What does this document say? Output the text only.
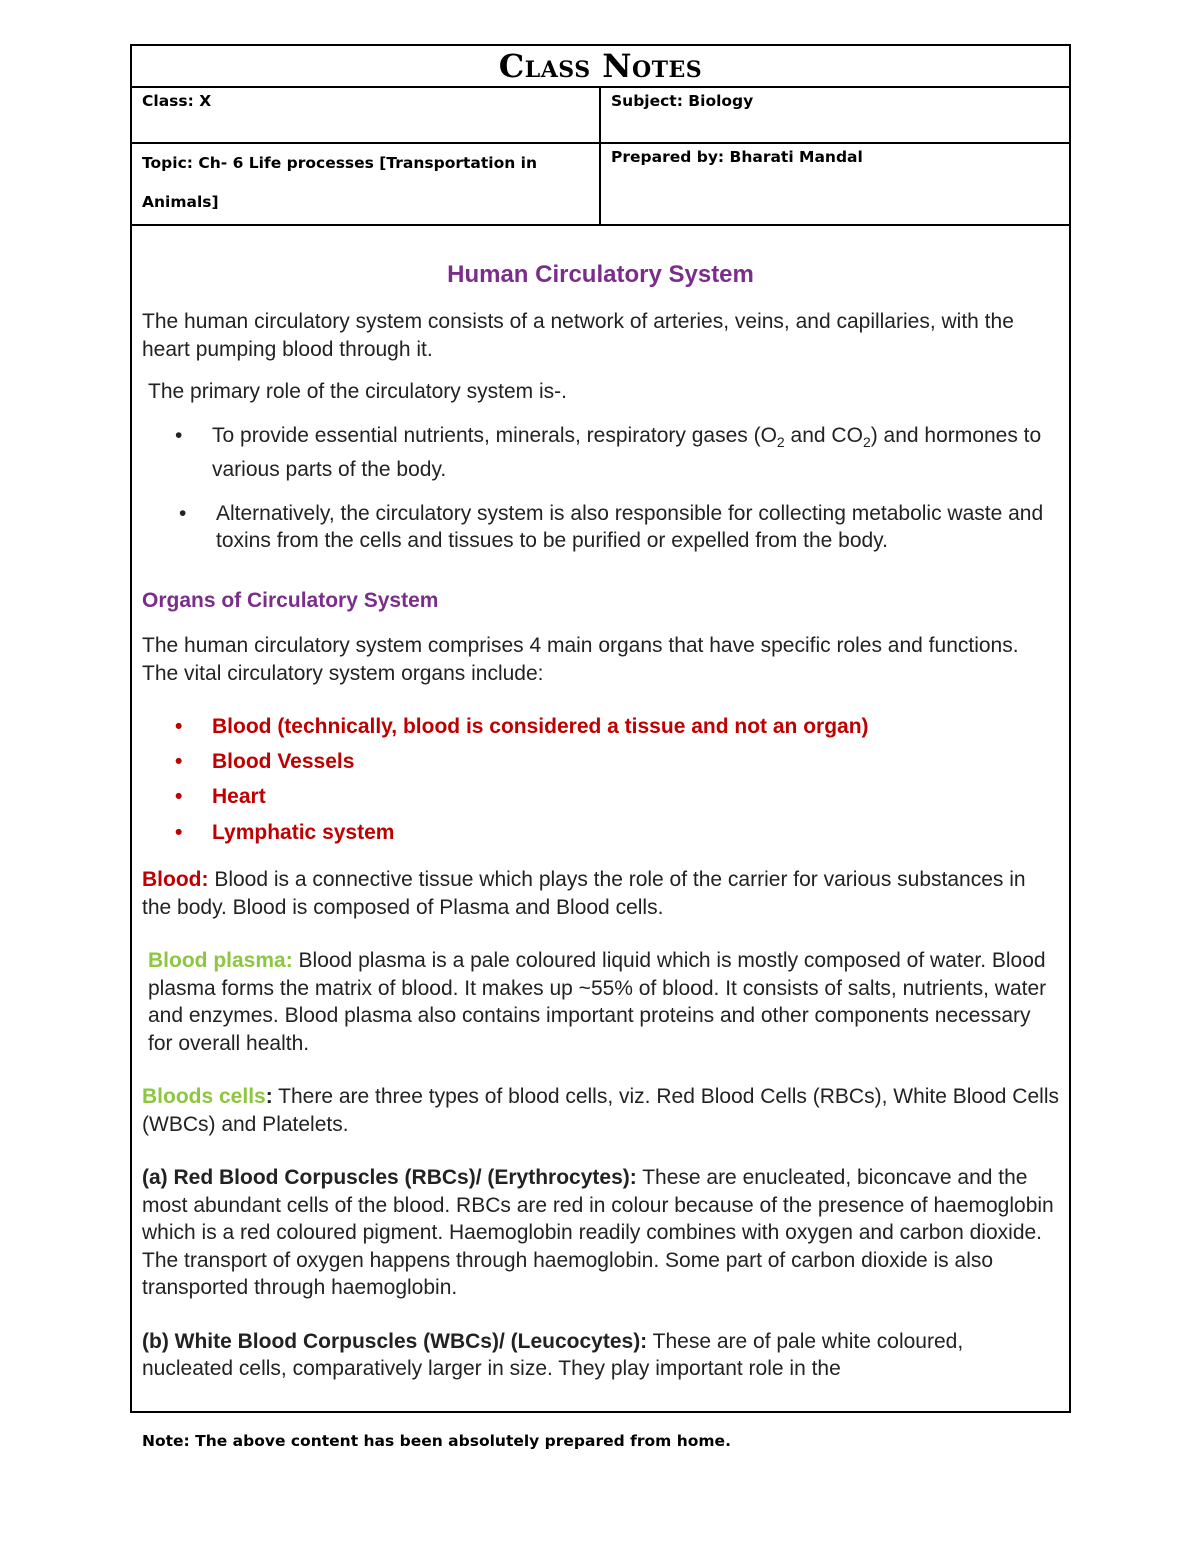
Class Notes
Class: X	Subject: Biology
Topic: Ch- 6 Life processes [Transportation in Animals]
Prepared by: Bharati Mandal
Human Circulatory System

The human circulatory system consists of a network of arteries, veins, and capillaries, with the heart pumping blood through it.

The primary role of the circulatory system is-.

• To provide essential nutrients, minerals, respiratory gases ($O_2$ and $CO_2$) and hormones to various parts of the body.
• Alternatively, the circulatory system is also responsible for collecting metabolic waste and toxins from the cells and tissues to be purified or expelled from the body.
Organs of Circulatory System

The human circulatory system comprises 4 main organs that have specific roles and functions. The vital circulatory system organs include:

• Blood (technically, blood is considered a tissue and not an organ)
• Blood Vessels
• Heart
• Lymphatic system

Blood: Blood is a connective tissue which plays the role of the carrier for various substances in the body. Blood is composed of Plasma and Blood cells.

Blood plasma: Blood plasma is a pale coloured liquid which is mostly composed of water. Blood plasma forms the matrix of blood. It makes up ~55% of blood. It consists of salts, nutrients, water and enzymes. Blood plasma also contains important proteins and other components necessary for overall health.

Bloods cells: There are three types of blood cells, viz. Red Blood Cells (RBCs), White Blood Cells (WBCs) and Platelets.

(a) Red Blood Corpuscles (RBCs)/ (Erythrocytes): These are enucleated, biconcave and the most abundant cells of the blood. RBCs are red in colour because of the presence of haemoglobin which is a red coloured pigment. Haemoglobin readily combines with oxygen and carbon dioxide. The transport of oxygen happens through haemoglobin. Some part of carbon dioxide is also transported through haemoglobin.

(b) White Blood Corpuscles (WBCs)/ (Leucocytes): These are of pale white coloured, nucleated cells, comparatively larger in size. They play important role in the

Note: The above content has been absolutely prepared from home.
